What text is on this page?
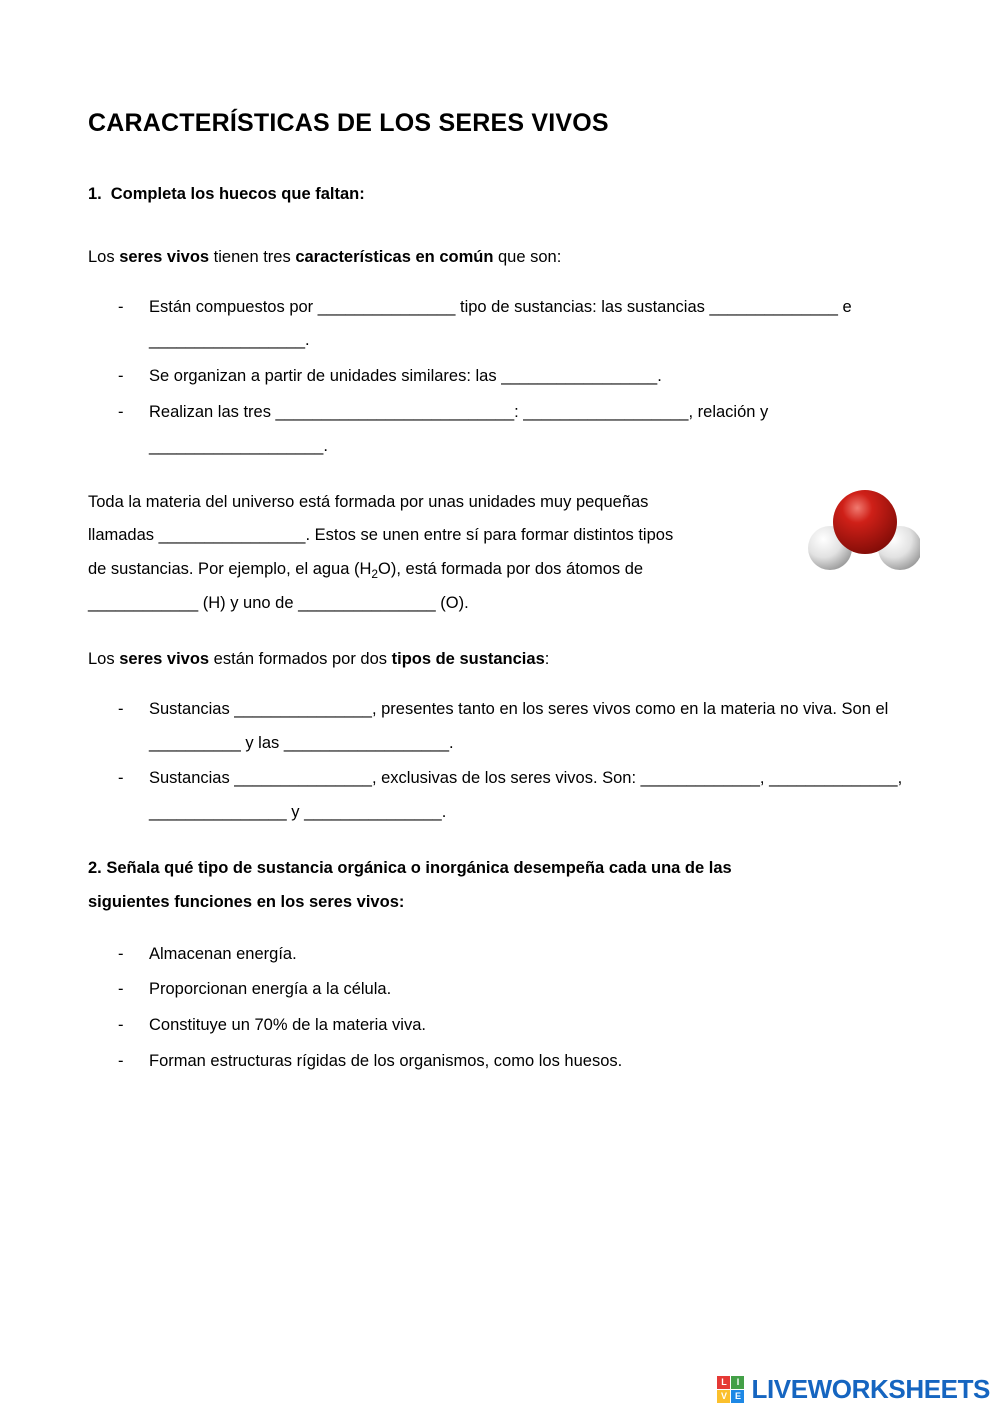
CARACTERÍSTICAS DE LOS SERES VIVOS

1. Completa los huecos que faltan:

Los seres vivos tienen tres características en común que son:

- Están compuestos por _______________ tipo de sustancias: las sustancias ______________ e _________________.
- Se organizan a partir de unidades similares: las _________________.
- Realizan las tres __________________________: __________________, relación y ___________________.

Toda la materia del universo está formada por unas unidades muy pequeñas

llamadas ________________. Estos se unen entre sí para formar distintos tipos

de sustancias. Por ejemplo, el agua $(H_2O)$, está formada por dos átomos de

____________ (H) y uno de _______________ (O).

Los seres vivos están formados por dos tipos de sustancias:

- Sustancias _______________, presentes tanto en los seres vivos como en la materia no viva. Son el __________ y las __________________.
- Sustancias _______________, exclusivas de los seres vivos. Son: _____________, ______________, _______________ y _______________.

2. Señala qué tipo de sustancia orgánica o inorgánica desempeña cada una de las
siguientes funciones en los seres vivos:

- Almacenan energía.
- Proporcionan energía a la célula.
- Constituye un 70% de la materia viva.
- Forman estructuras rígidas de los organismos, como los huesos.
L	I
V E LIVEWORKSHEETS
